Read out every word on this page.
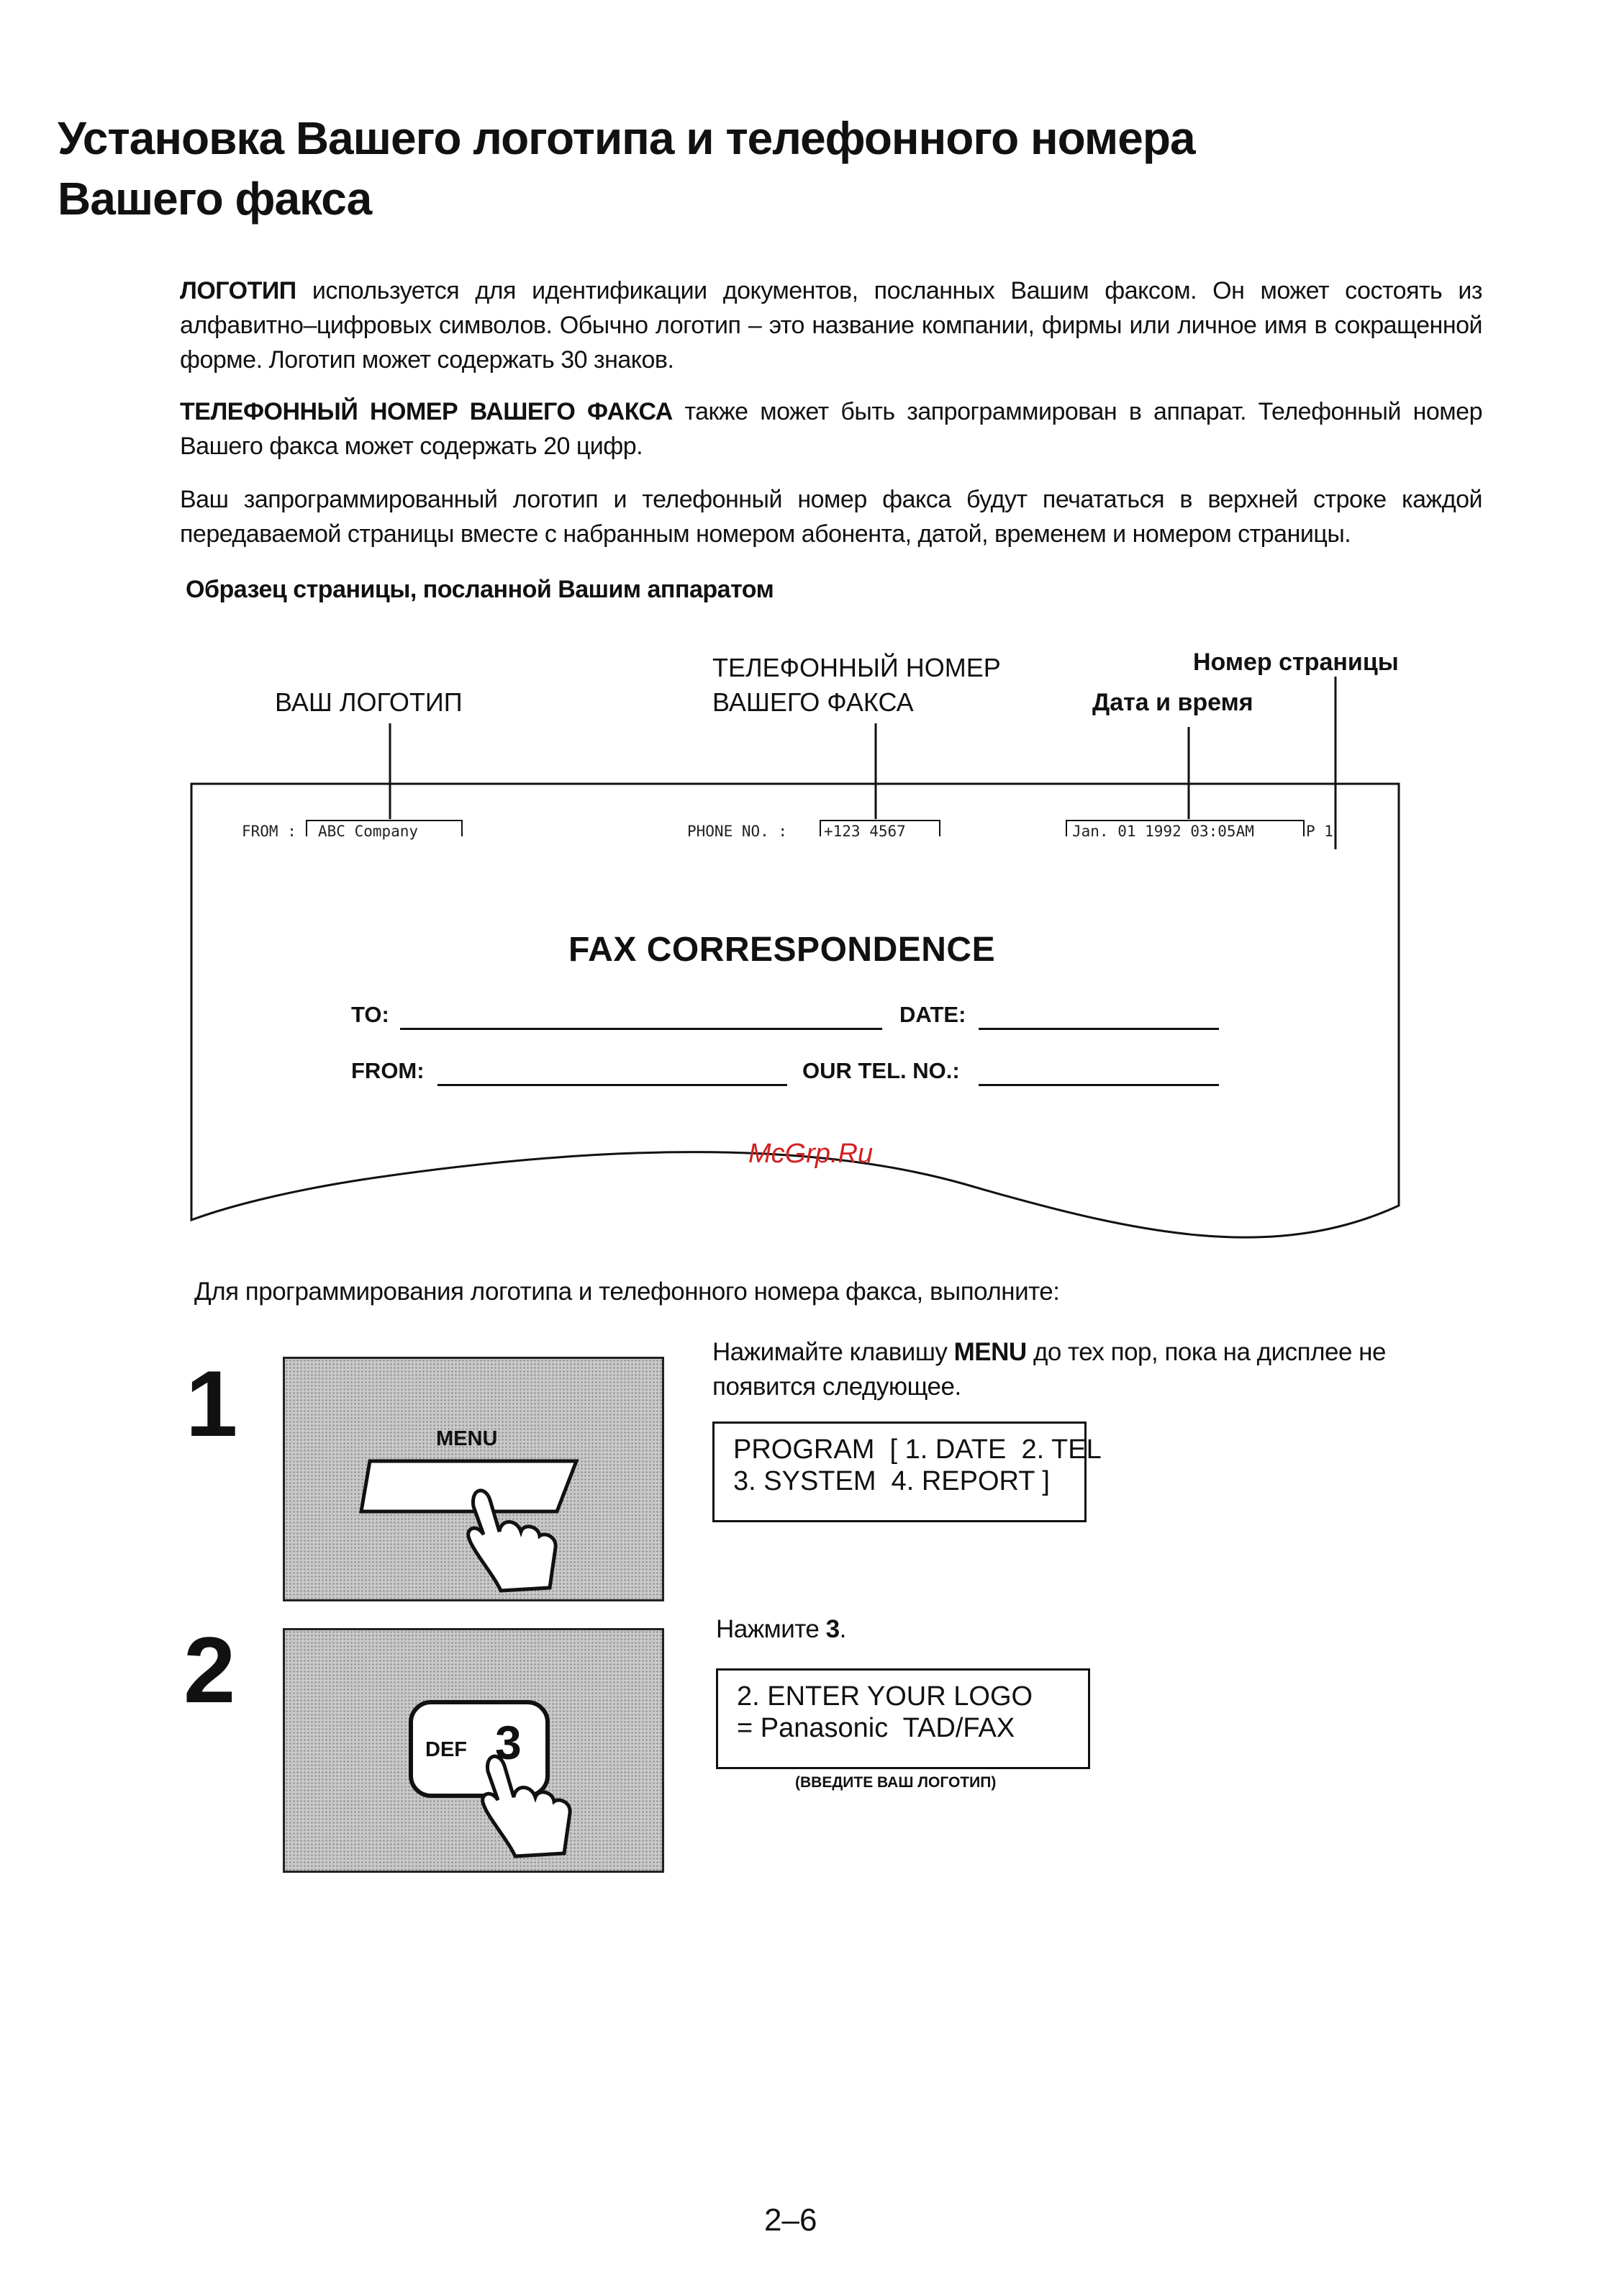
Установка Вашего логотипа и телефонного номера
Вашего факса
ЛОГОТИП используется для идентификации документов, посланных Вашим факсом. Он может состоять из алфавитно–цифровых символов. Обычно логотип – это название компании, фирмы или личное имя в сокращенной форме. Логотип может содержать 30 знаков.
ТЕЛЕФОННЫЙ НОМЕР ВАШЕГО ФАКСА также может быть запрограммирован в аппарат. Телефонный номер Вашего факса может содержать 20 цифр.
Ваш запрограммированный логотип и телефонный номер факса будут печататься в верхней строке каждой передаваемой страницы вместе с набранным номером абонента, датой, временем и номером страницы.
Образец страницы, посланной Вашим аппаратом
ВАШ ЛОГОТИП
ТЕЛЕФОННЫЙ НОМЕР
ВАШЕГО ФАКСА
Номер страницы
Дата и время
FROM : ABC Company	PHONE NO. : +123 4567	Jan. 01 1992 03:05AM	P 1
FAX CORRESPONDENCE
TO:	DATE:
FROM:	OUR TEL. NO.:
McGrp.Ru
Для программирования логотипа и телефонного номера факса, выполните:
1	MENU
Нажимайте клавишу MENU до тех пор, пока на дисплее не появится следующее.
PROGRAM  [ 1. DATE  2. TEL
3. SYSTEM  4. REPORT ]
2
DEF 3
Нажмите 3.
2. ENTER YOUR LOGO
= Panasonic  TAD/FAX
(ВВЕДИТЕ ВАШ ЛОГОТИП)
2–6
